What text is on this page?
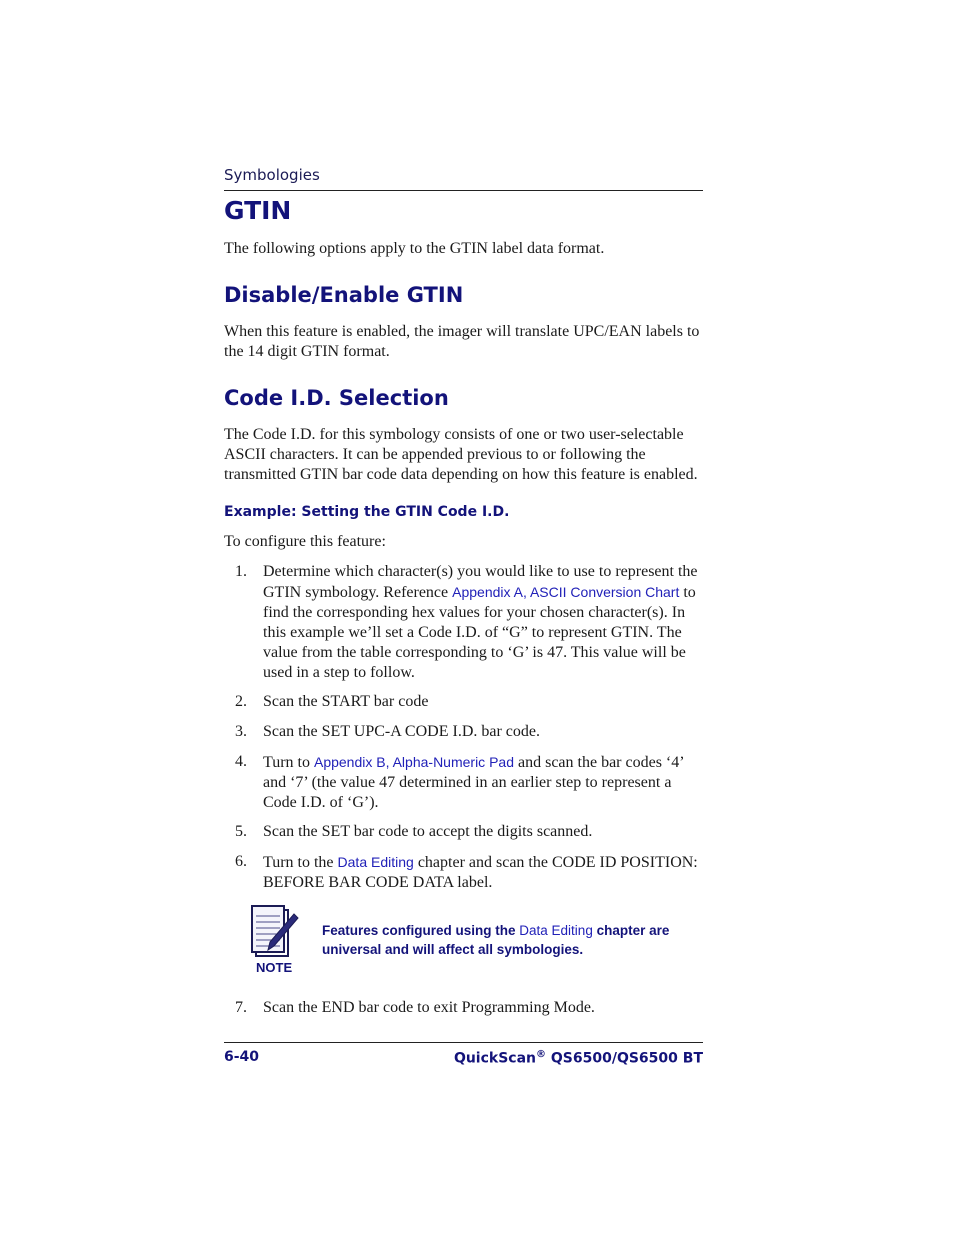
Symbologies
GTIN

The following options apply to the GTIN label data format.

Disable/Enable GTIN

When this feature is enabled, the imager will translate UPC/EAN labels to the 14 digit GTIN format.

Code I.D. Selection

The Code I.D. for this symbology consists of one or two user-selectable ASCII characters. It can be appended previous to or following the transmitted GTIN bar code data depending on how this feature is enabled.

Example: Setting the GTIN Code I.D.

To configure this feature:

1. Determine which character(s) you would like to use to represent the GTIN symbology. Reference Appendix A, ASCII Conversion Chart to find the corresponding hex values for your chosen character(s). In this example we’ll set a Code I.D. of “G” to represent GTIN. The value from the table corresponding to ‘G’ is 47. This value will be used in a step to follow.
2. Scan the START bar code
3. Scan the SET UPC-A CODE I.D. bar code.
4. Turn to Appendix B, Alpha-Numeric Pad and scan the bar codes ‘4’ and ‘7’ (the value 47 determined in an earlier step to represent a Code I.D. of ‘G’).
5. Scan the SET bar code to accept the digits scanned.
6. Turn to the Data Editing chapter and scan the CODE ID POSITION: BEFORE BAR CODE DATA label.
7. Scan the END bar code to exit Programming Mode.
NOTE
Features configured using the Data Editing chapter are universal and will affect all symbologies.
6-40	QuickScan® QS6500/QS6500 BT
